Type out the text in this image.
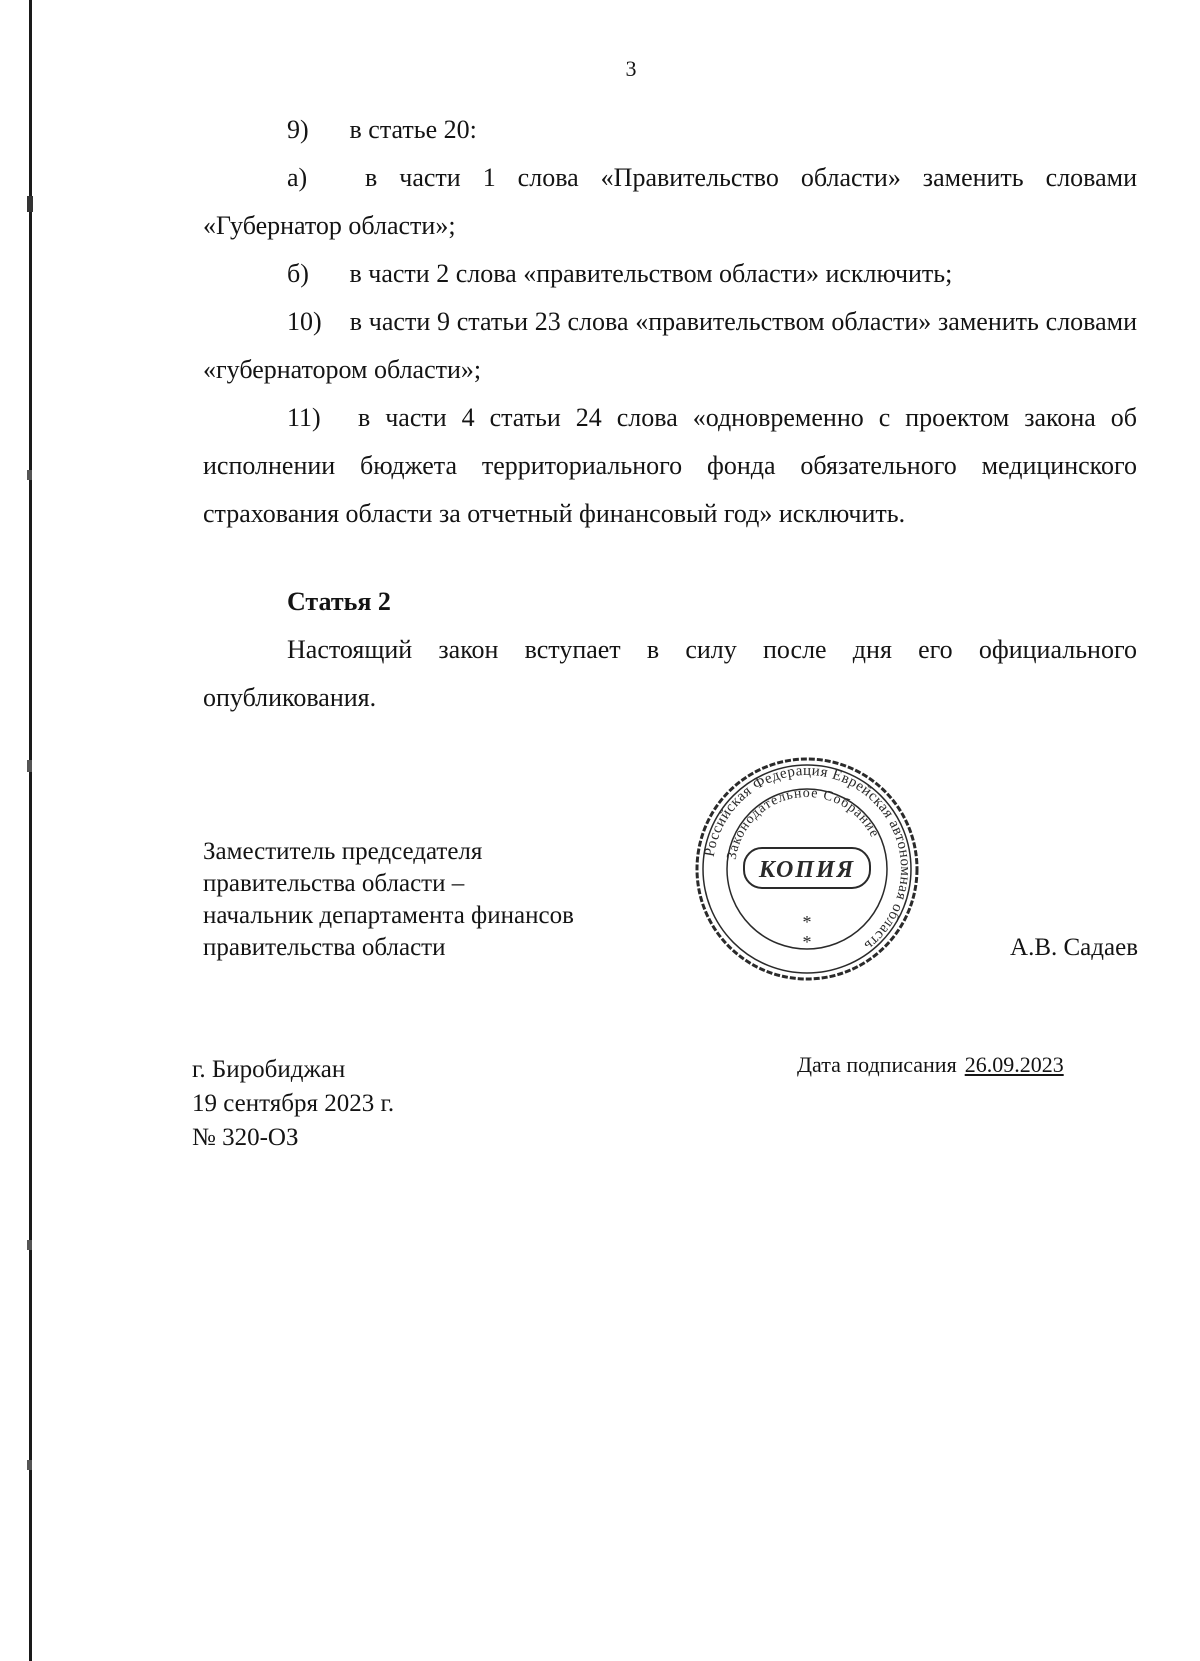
3

9) в статье 20:

а) в части 1 слова «Правительство области» заменить словами «Губернатор области»;

б) в части 2 слова «правительством области» исключить;

10) в части 9 статьи 23 слова «правительством области» заменить словами «губернатором области»;

11) в части 4 статьи 24 слова «одновременно с проектом закона об исполнении бюджета территориального фонда обязательного медицинского страхования области за отчетный финансовый год» исключить.

Статья 2

Настоящий закон вступает в силу после дня его официального опубликования.

Заместитель председателя
правительства области –
начальник департамента финансов
правительства области
Российская Федерация Еврейская автономная область
Законодательное Собрание
КОПИЯ
*
*	А.В. Садаев
г. Биробиджан
19 сентября 2023 г.
№ 320-ОЗ
Дата подписания 26.09.2023
